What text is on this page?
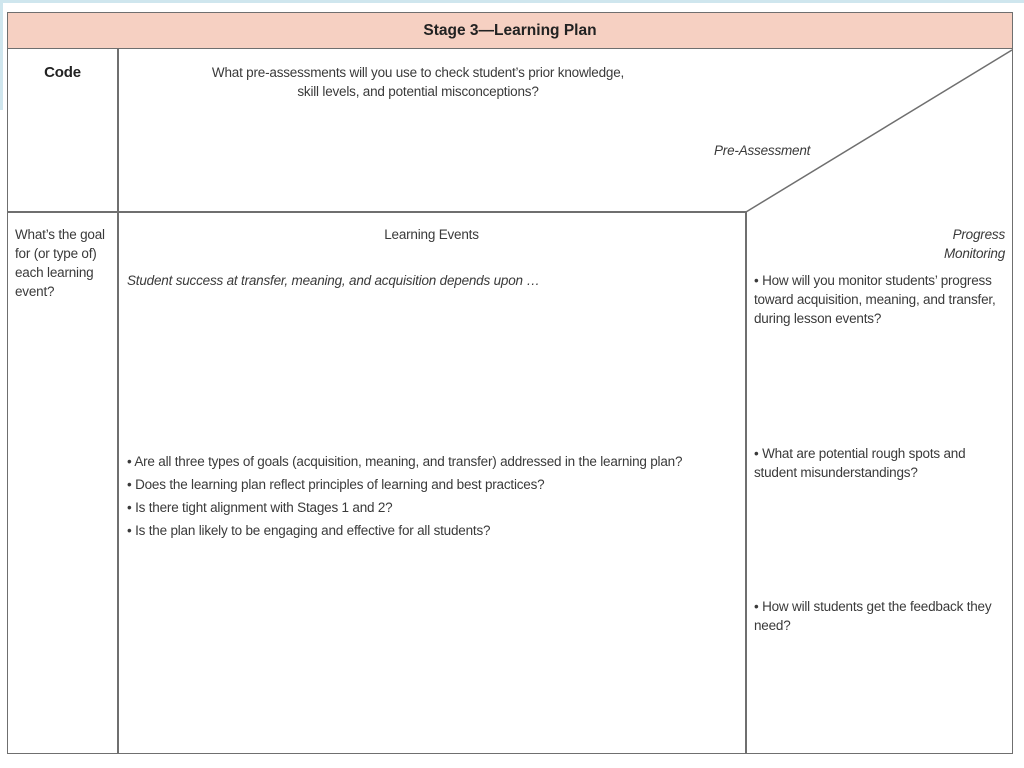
Stage 3—Learning Plan
Code	What pre-assessments will you use to check student’s prior knowledge,
skill levels, and potential misconceptions?
Pre-Assessment
What’s the goal for (or type of) each learning event?
Learning Events
Student success at transfer, meaning, and acquisition depends upon …
• Are all three types of goals (acquisition, meaning, and transfer) addressed in the learning plan?
• Does the learning plan reflect principles of learning and best practices?
• Is there tight alignment with Stages 1 and 2?
• Is the plan likely to be engaging and effective for all students?
Progress
Monitoring
• How will you monitor students’ progress toward acquisition, meaning, and transfer, during lesson events?
• What are potential rough spots and student misunderstandings?
• How will students get the feedback they need?
